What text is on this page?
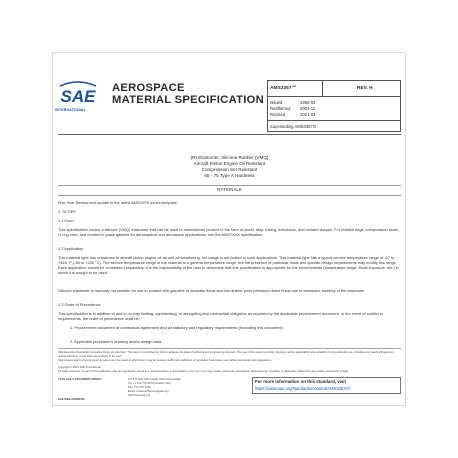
SAE
INTERNATIONAL
AEROSPACE
MATERIAL SPECIFICATION
AMS3357™	REV. H
Issued	1956-02
Reaffirmed 2003-11
Revised	2021-03
Superseding AMS3357G
(R) Elastomer, Silicone Rubber (VMQ)
Aircraft Piston Engine Oil Resistant
Compression Set Resistant
65 - 75 Type A Hardness
RATIONALE
Five-Year Review and update to the latest AMS3XXX series template.
1. SCOPE
1.1 Form
This specification covers a silicone (VMQ) elastomer that can be used to manufacture product in the form of sheet, strip, tubing, extrusions, and molded shapes. For molded rings, compression seals, O-ring cord, and molded-in-place gaskets for aeronautical and aerospace applications, use the AMS7XXX specification.
1.2 Application
This material type has resistance to aircraft piston engine oil as well as weathering, but usage is not limited to such applications. This material type has a typical service temperature range of -67 to +446 °F (-55 to +230 °C). The service temperature range of the material is a general temperature range, but the presence of particular fluids and specific design requirements may modify this range. Each application should be considered separately. It is the responsibility of the user to determine that this specification is appropriate for the environments (temperature range, fluids exposure, etc.) in which it is sought to be used.
Silicone elastomer is normally not suitable for use in contact with gasoline or aromatic fluids and low-aniline-point petroleum-base fluids due to excessive swelling of the elastomer.
1.3 Order of Precedence
This specification is in addition to and in no way limiting, superseding, or abrogating any contractual obligation as required by the applicable procurement document. In the event of conflict in requirements, the order of precedence shall be:
1. Procurement document or contractual agreement and all statutory and regulatory requirements (excluding this document).
2. Applicable purchaser's drawing and/or design data.
SAE Executive Standards Committee Rules provide that: "This report is published by SAE to advance the state of technical and engineering sciences. The use of this report is entirely voluntary, and its applicability and suitability for any particular use, including any patent infringement arising therefrom, is the sole responsibility of the user."
SAE reviews each technical report at least every five years at which time it may be revised, reaffirmed, stabilized, or cancelled. SAE invites your written comments and suggestions.
Copyright © 2021 SAE International
All rights reserved. No part of this publication may be reproduced, stored in a retrieval system or transmitted, in any form or by any means, electronic, mechanical, photocopying, recording, or otherwise, without the prior written permission of SAE.
TO PLACE A DOCUMENT ORDER:	Tel: 877-606-7323 (inside USA and Canada)
Tel: +1 724-776-4970 (outside USA)
Fax: 724-776-0790
Email: CustomerService@sae.org
http://www.sae.org
SAE WEB ADDRESS:
For more information on this standard, visit
https://www.sae.org/standards/content/AMS3357H/
